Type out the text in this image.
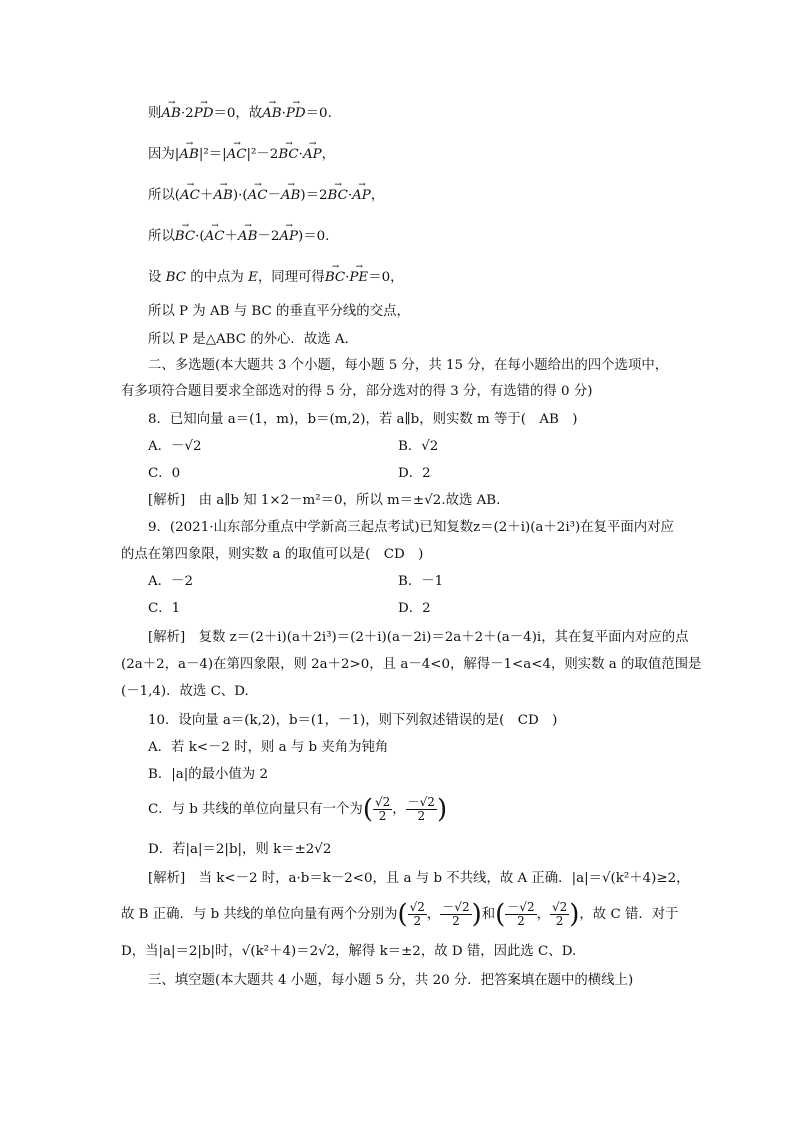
则→ AB·2→ PD＝0，故→ AB·→ PD＝0.
因为|→ AB|²＝|→ AC|²－2→ BC·→ AP，
所以(→ AC＋→ AB)·(→ AC－→ AB)＝2→ BC·→ AP，
所以→ BC·(→ AC＋→ AB－2→ AP)＝0.
设 BC 的中点为 E，同理可得→ BC·→ PE＝0，
所以 P 为 AB 与 BC 的垂直平分线的交点，
所以 P 是△ABC 的外心．故选 A.
二、多选题(本大题共 3 个小题，每小题 5 分，共 15 分，在每小题给出的四个选项中，
有多项符合题目要求全部选对的得 5 分，部分选对的得 3 分，有选错的得 0 分)
8．已知向量 a＝(1，m)，b＝(m,2)，若 a∥b，则实数 m 等于(　AB　)
A．－√2	B．√2
C．0	D．2
[解析]　由 a∥b 知 1×2－m²＝0，所以 m＝±√2.故选 AB.
9．(2021·山东部分重点中学新高三起点考试)已知复数z＝(2＋i)(a＋2i³)在复平面内对应
的点在第四象限，则实数 a 的取值可以是(　CD　)
A．－2	B．－1
C．1	D．2
[解析]　复数 z＝(2＋i)(a＋2i³)＝(2＋i)(a－2i)＝2a＋2＋(a－4)i，其在复平面内对应的点
(2a＋2，a－4)在第四象限，则 2a＋2>0，且 a－4<0，解得－1<a<4，则实数 a 的取值范围是
(－1,4)．故选 C、D.
10．设向量 a＝(k,2)，b＝(1，－1)，则下列叙述错误的是(　CD　)
A．若 k<－2 时，则 a 与 b 夹角为钝角
B．|a|的最小值为 2
C．与 b 共线的单位向量只有一个为( $\frac{√2}{2}$ ， $\frac{-√2}{2}$ )
D．若|a|＝2|b|，则 k＝±2√2
[解析]　当 k<－2 时，a·b＝k－2<0，且 a 与 b 不共线，故 A 正确．|a|＝√(k²＋4)≥2，
故 B 正确．与 b 共线的单位向量有两个分别为( $\frac{√2}{2}$ ， $\frac{-√2}{2}$ )和( $\frac{-√2}{2}$ ， $\frac{√2}{2}$ )，故 C 错．对于
D，当|a|＝2|b|时，√(k²＋4)＝2√2，解得 k＝±2，故 D 错，因此选 C、D.
三、填空题(本大题共 4 小题，每小题 5 分，共 20 分．把答案填在题中的横线上)
